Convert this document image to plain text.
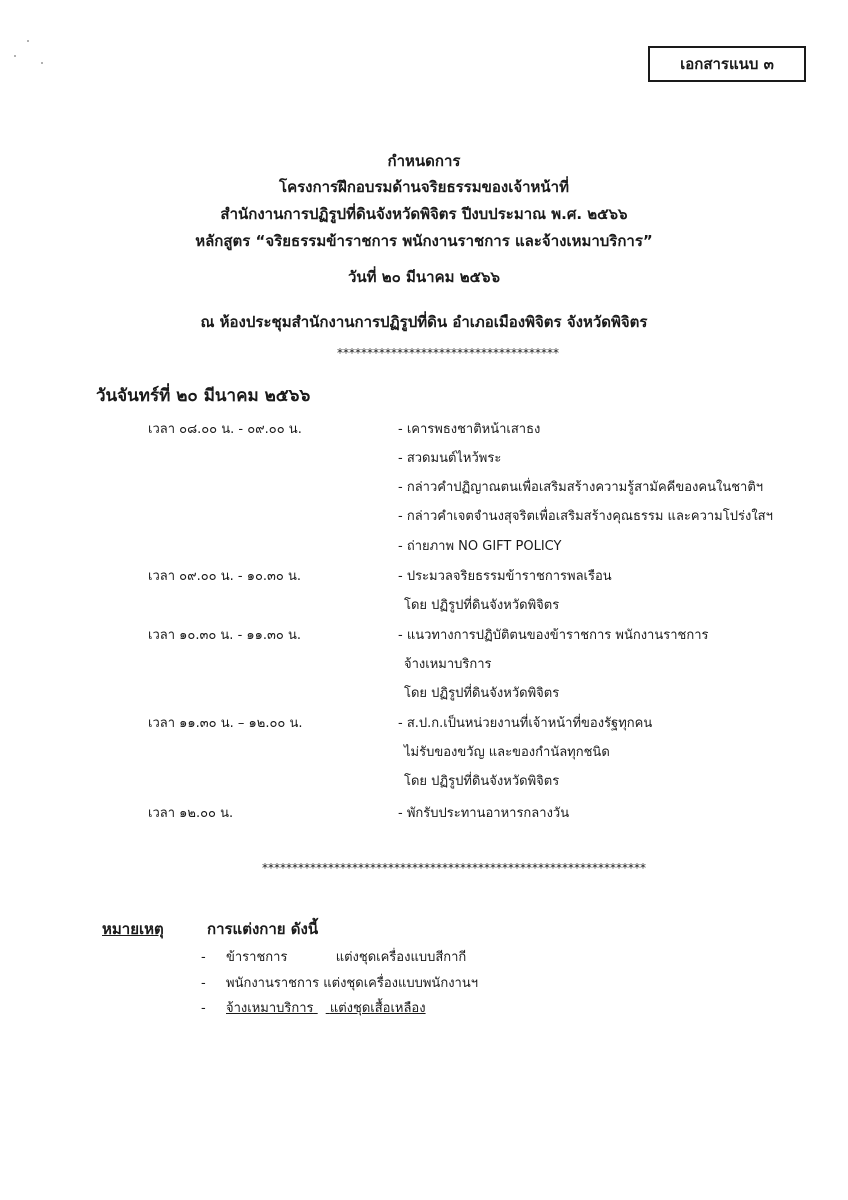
เอกสารแนบ ๓
กำหนดการ
โครงการฝึกอบรมด้านจริยธรรมของเจ้าหน้าที่
สำนักงานการปฏิรูปที่ดินจังหวัดพิจิตร ปีงบประมาณ พ.ศ. ๒๕๖๖
หลักสูตร “จริยธรรมข้าราชการ พนักงานราชการ และจ้างเหมาบริการ”
วันที่ ๒๐ มีนาคม ๒๕๖๖
ณ ห้องประชุมสำนักงานการปฏิรูปที่ดิน อำเภอเมืองพิจิตร จังหวัดพิจิตร
*************************************
วันจันทร์ที่ ๒๐ มีนาคม ๒๕๖๖
เวลา ๐๘.๐๐ น. - ๐๙.๐๐ น.	- เคารพธงชาติหน้าเสาธง
- สวดมนต์ไหว้พระ
- กล่าวคำปฏิญาณตนเพื่อเสริมสร้างความรู้สามัคคีของคนในชาติฯ
- กล่าวคำเจตจำนงสุจริตเพื่อเสริมสร้างคุณธรรม และความโปร่งใสฯ
- ถ่ายภาพ NO GIFT POLICY
เวลา ๐๙.๐๐ น. - ๑๐.๓๐ น.	- ประมวลจริยธรรมข้าราชการพลเรือน
โดย ปฏิรูปที่ดินจังหวัดพิจิตร
เวลา ๑๐.๓๐ น. - ๑๑.๓๐ น.	- แนวทางการปฏิบัติตนของข้าราชการ พนักงานราชการ
จ้างเหมาบริการ
โดย ปฏิรูปที่ดินจังหวัดพิจิตร
เวลา ๑๑.๓๐ น. – ๑๒.๐๐ น.	- ส.ป.ก.เป็นหน่วยงานที่เจ้าหน้าที่ของรัฐทุกคน
ไม่รับของขวัญ และของกำนัลทุกชนิด
โดย ปฏิรูปที่ดินจังหวัดพิจิตร
เวลา ๑๒.๐๐ น.	- พักรับประทานอาหารกลางวัน
****************************************************************
หมายเหตุ	การแต่งกาย ดังนี้
- ข้าราชการ	แต่งชุดเครื่องแบบสีกากี
- พนักงานราชการ แต่งชุดเครื่องแบบพนักงานฯ
- จ้างเหมาบริการ แต่งชุดเสื้อเหลือง
